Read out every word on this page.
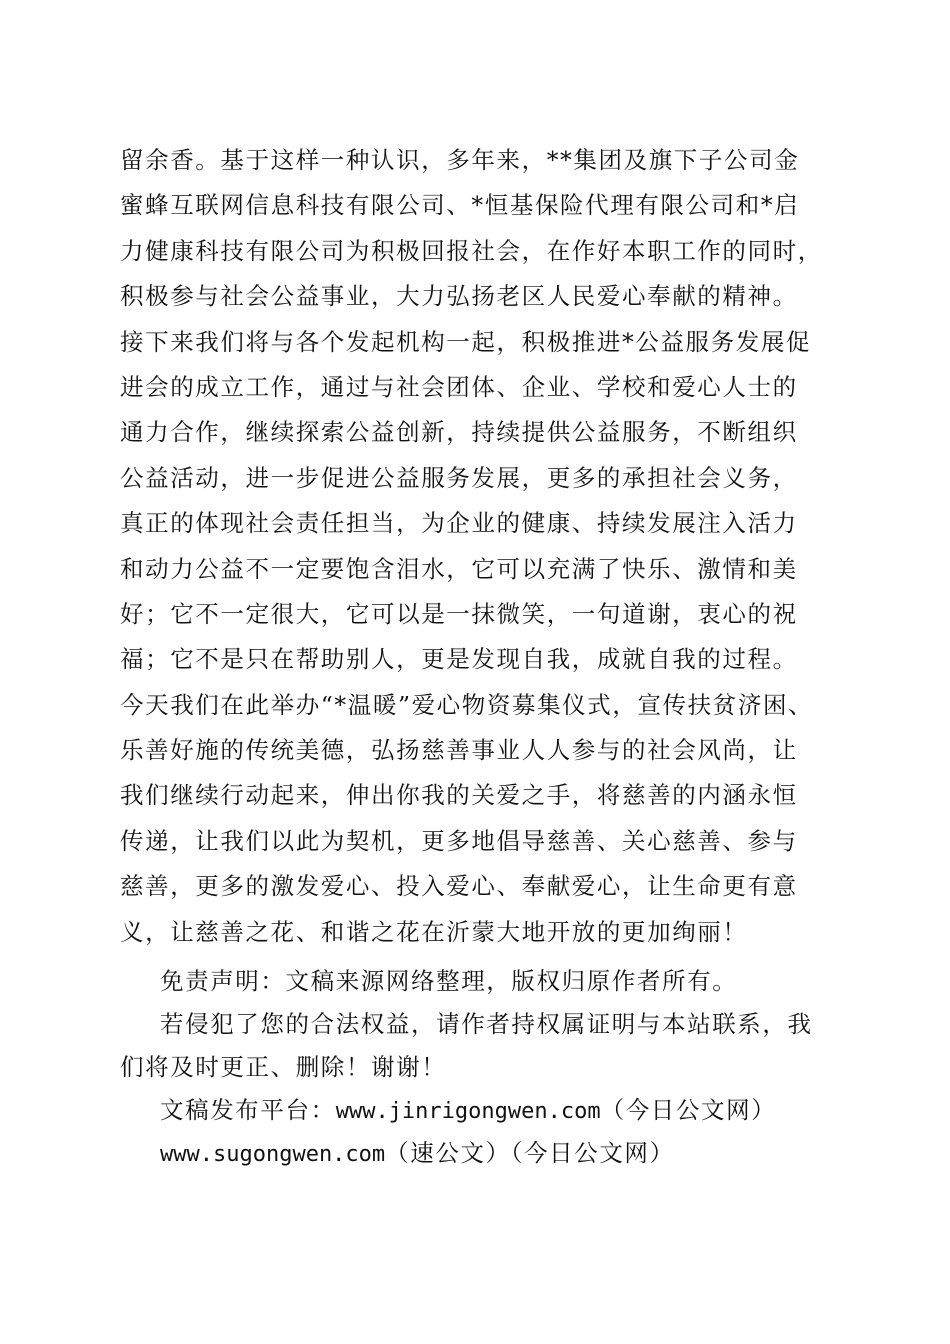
留余香。基于这样一种认识，多年来，**集团及旗下子公司金
蜜蜂互联网信息科技有限公司、*恒基保险代理有限公司和*启
力健康科技有限公司为积极回报社会，在作好本职工作的同时，
积极参与社会公益事业，大力弘扬老区人民爱心奉献的精神。
接下来我们将与各个发起机构一起，积极推进*公益服务发展促
进会的成立工作，通过与社会团体、企业、学校和爱心人士的
通力合作，继续探索公益创新，持续提供公益服务，不断组织
公益活动，进一步促进公益服务发展，更多的承担社会义务，
真正的体现社会责任担当，为企业的健康、持续发展注入活力
和动力公益不一定要饱含泪水，它可以充满了快乐、激情和美
好；它不一定很大，它可以是一抹微笑，一句道谢，衷心的祝
福；它不是只在帮助别人，更是发现自我，成就自我的过程。
今天我们在此举办“*温暖”爱心物资募集仪式，宣传扶贫济困、
乐善好施的传统美德，弘扬慈善事业人人参与的社会风尚，让
我们继续行动起来，伸出你我的关爱之手，将慈善的内涵永恒
传递，让我们以此为契机，更多地倡导慈善、关心慈善、参与
慈善，更多的激发爱心、投入爱心、奉献爱心，让生命更有意
义，让慈善之花、和谐之花在沂蒙大地开放的更加绚丽！
免责声明：文稿来源网络整理，版权归原作者所有。
若侵犯了您的合法权益，请作者持权属证明与本站联系，我
们将及时更正、删除！谢谢！
文稿发布平台：www.jinrigongwen.com（今日公文网）
www.sugongwen.com（速公文）（今日公文网）
